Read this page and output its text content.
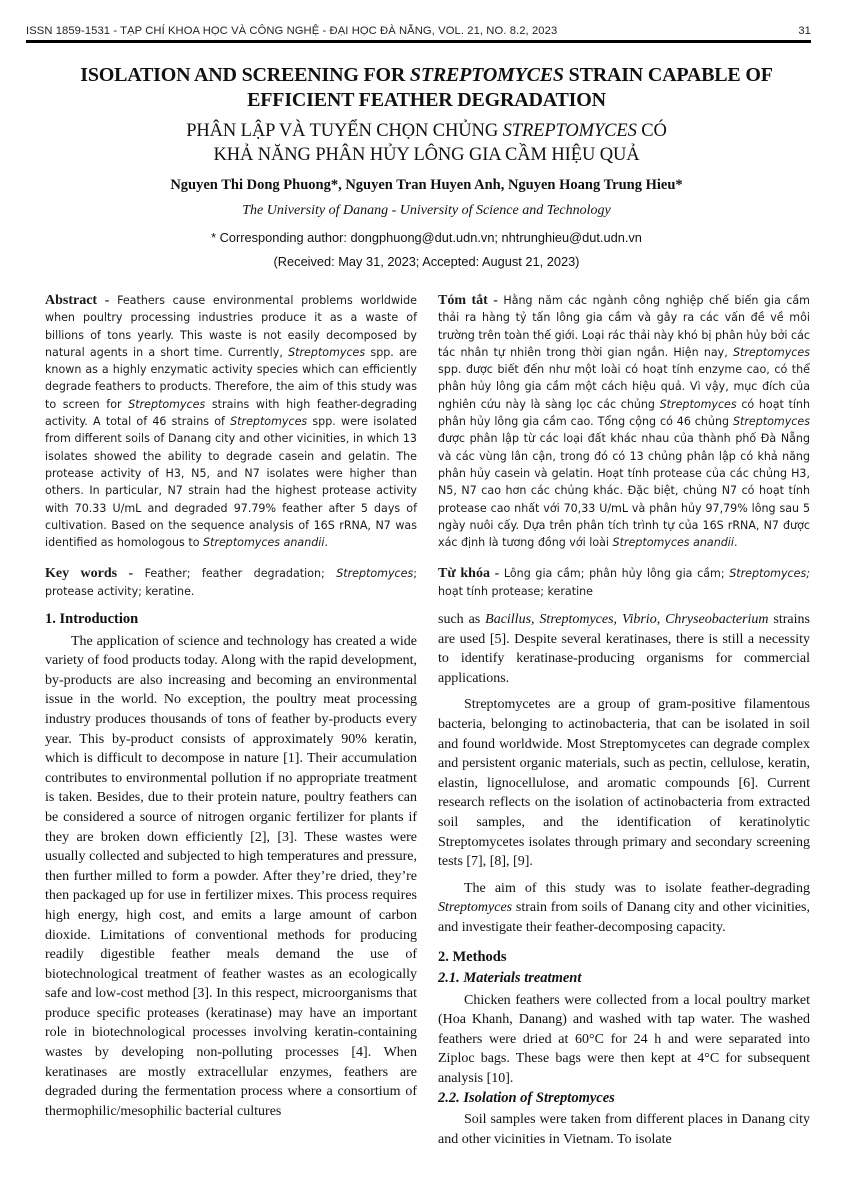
ISSN 1859-1531 - TẠP CHÍ KHOA HỌC VÀ CÔNG NGHỆ - ĐẠI HỌC ĐÀ NẴNG, VOL. 21, NO. 8.2, 2023	31
ISOLATION AND SCREENING FOR STREPTOMYCES STRAIN CAPABLE OF
EFFICIENT FEATHER DEGRADATION
PHÂN LẬP VÀ TUYỂN CHỌN CHỦNG STREPTOMYCES CÓ
KHẢ NĂNG PHÂN HỦY LÔNG GIA CẦM HIỆU QUẢ
Nguyen Thi Dong Phuong*, Nguyen Tran Huyen Anh, Nguyen Hoang Trung Hieu*
The University of Danang - University of Science and Technology
* Corresponding author: dongphuong@dut.udn.vn; nhtrunghieu@dut.udn.vn
(Received: May 31, 2023; Accepted: August 21, 2023)
Abstract - Feathers cause environmental problems worldwide when poultry processing industries produce it as a waste of billions of tons yearly. This waste is not easily decomposed by natural agents in a short time. Currently, Streptomyces spp. are known as a highly enzymatic activity species which can efficiently degrade feathers to products. Therefore, the aim of this study was to screen for Streptomyces strains with high feather-degrading activity. A total of 46 strains of Streptomyces spp. were isolated from different soils of Danang city and other vicinities, in which 13 isolates showed the ability to degrade casein and gelatin. The protease activity of H3, N5, and N7 isolates were higher than others. In particular, N7 strain had the highest protease activity with 70.33 U/mL and degraded 97.79% feather after 5 days of cultivation. Based on the sequence analysis of 16S rRNA, N7 was identified as homologous to Streptomyces anandii.
Key words - Feather; feather degradation; Streptomyces; protease activity; keratine.
Tóm tắt - Hằng năm các ngành công nghiệp chế biến gia cầm thải ra hàng tỷ tấn lông gia cầm và gây ra các vấn đề về môi trường trên toàn thế giới. Loại rác thải này khó bị phân hủy bởi các tác nhân tự nhiên trong thời gian ngắn. Hiện nay, Streptomyces spp. được biết đến như một loài có hoạt tính enzyme cao, có thể phân hủy lông gia cầm một cách hiệu quả. Vì vậy, mục đích của nghiên cứu này là sàng lọc các chủng Streptomyces có hoạt tính phân hủy lông gia cầm cao. Tổng cộng có 46 chủng Streptomyces được phân lập từ các loại đất khác nhau của thành phố Đà Nẵng và các vùng lân cận, trong đó có 13 chủng phân lập có khả năng phân hủy casein và gelatin. Hoạt tính protease của các chủng H3, N5, N7 cao hơn các chủng khác. Đặc biệt, chủng N7 có hoạt tính protease cao nhất với 70,33 U/mL và phân hủy 97,79% lông sau 5 ngày nuôi cấy. Dựa trên phân tích trình tự của 16S rRNA, N7 được xác định là tương đồng với loài Streptomyces anandii.
Từ khóa - Lông gia cầm; phân hủy lông gia cầm; Streptomyces; hoạt tính protease; keratine
1. Introduction
The application of science and technology has created a wide variety of food products today. Along with the rapid development, by-products are also increasing and becoming an environmental issue in the world. No exception, the poultry meat processing industry produces thousands of tons of feather by-products every year. This by-product consists of approximately 90% keratin, which is difficult to decompose in nature [1]. Their accumulation contributes to environmental pollution if no appropriate treatment is taken. Besides, due to their protein nature, poultry feathers can be considered a source of nitrogen organic fertilizer for plants if they are broken down efficiently [2], [3]. These wastes were usually collected and subjected to high temperatures and pressure, then further milled to form a powder. After they’re dried, they’re then packaged up for use in fertilizer mixes. This process requires high energy, high cost, and emits a large amount of carbon dioxide. Limitations of conventional methods for producing readily digestible feather meals demand the use of biotechnological treatment of feather wastes as an ecologically safe and low-cost method [3]. In this respect, microorganisms that produce specific proteases (keratinase) may have an important role in biotechnological processes involving keratin-containing wastes by developing non-polluting processes [4]. When keratinases are mostly extracellular enzymes, feathers are degraded during the fermentation process where a consortium of thermophilic/mesophilic bacterial cultures
such as Bacillus, Streptomyces, Vibrio, Chryseobacterium strains are used [5]. Despite several keratinases, there is still a necessity to identify keratinase-producing organisms for commercial applications.
Streptomycetes are a group of gram-positive filamentous bacteria, belonging to actinobacteria, that can be isolated in soil and found worldwide. Most Streptomycetes can degrade complex and persistent organic materials, such as pectin, cellulose, keratin, elastin, lignocellulose, and aromatic compounds [6]. Current research reflects on the isolation of actinobacteria from extracted soil samples, and the identification of keratinolytic Streptomycetes isolates through primary and secondary screening tests [7], [8], [9].
The aim of this study was to isolate feather-degrading Streptomyces strain from soils of Danang city and other vicinities, and investigate their feather-decomposing capacity.
2. Methods
2.1. Materials treatment
Chicken feathers were collected from a local poultry market (Hoa Khanh, Danang) and washed with tap water. The washed feathers were dried at 60°C for 24 h and were separated into Ziploc bags. These bags were then kept at 4°C for subsequent analysis [10].
2.2. Isolation of Streptomyces
Soil samples were taken from different places in Danang city and other vicinities in Vietnam. To isolate
